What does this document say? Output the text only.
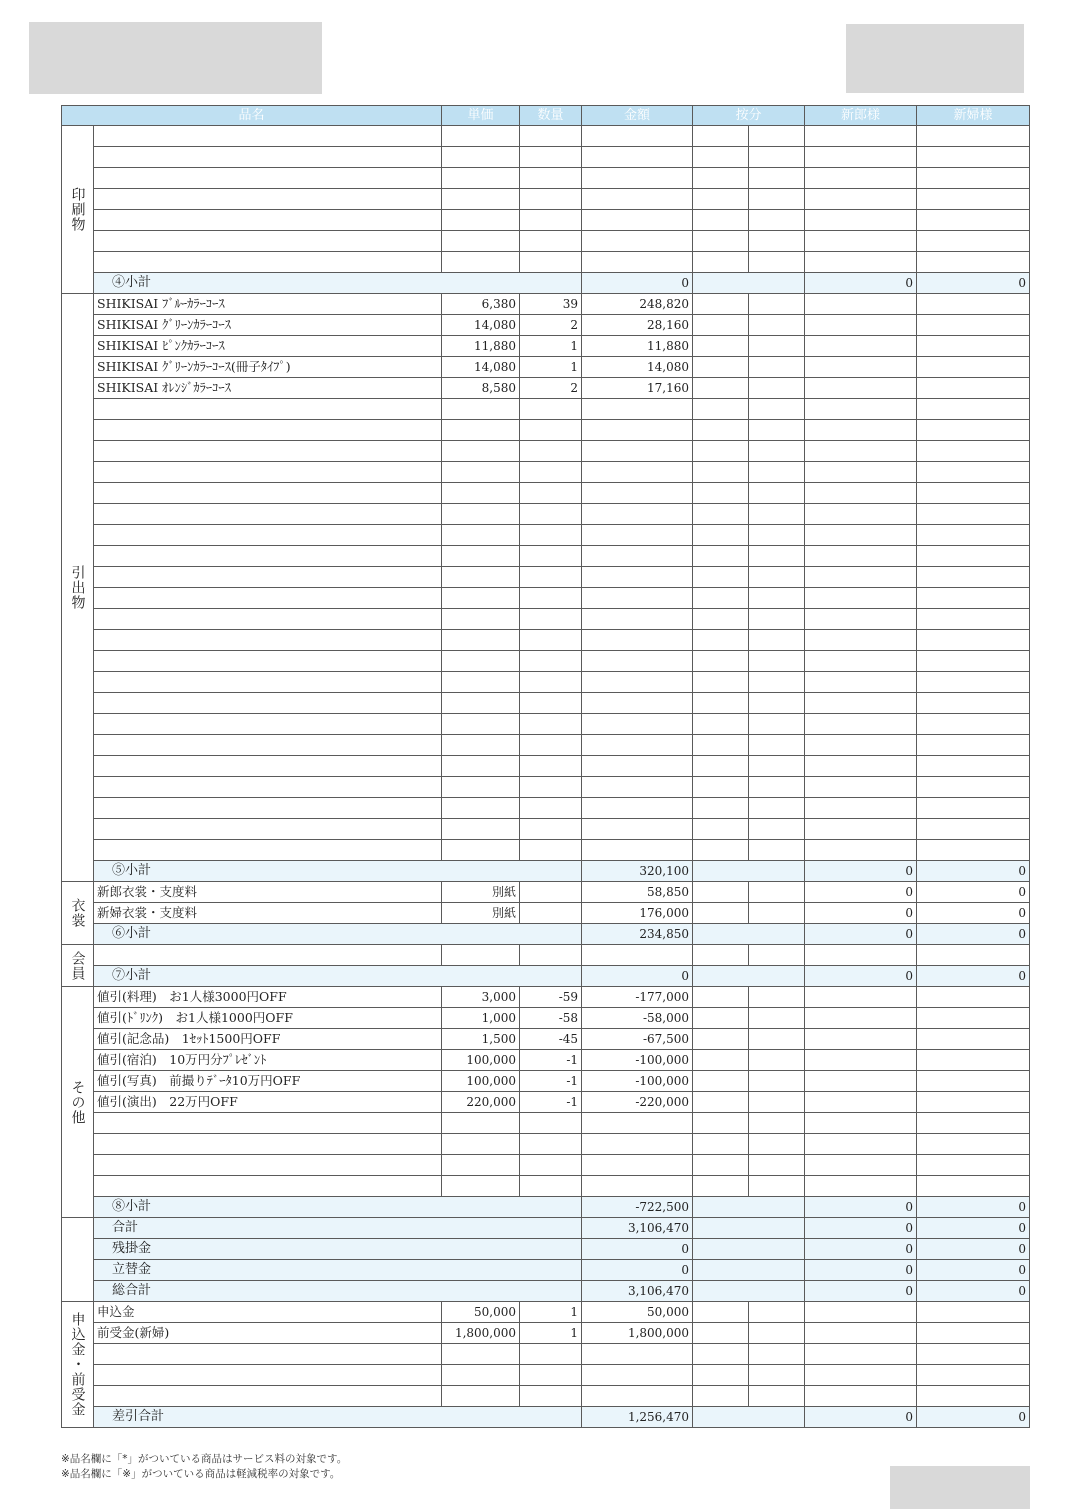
品名		単価	数量	金額	按分		新郎様	新婦様
印刷物								

	④小計			0			0	0
引出物	SHIKISAI ﾌﾞﾙｰｶﾗｰｺｰｽ	6,380	39	248,820				
	SHIKISAI ｸﾞﾘｰﾝｶﾗｰｺｰｽ	14,080	2	28,160				
	SHIKISAI ﾋﾟﾝｸｶﾗｰｺｰｽ	11,880	1	11,880				
	SHIKISAI ｸﾞﾘｰﾝｶﾗｰｺｰｽ(冊子ﾀｲﾌﾟ)	14,080	1	14,080				
	SHIKISAI ｵﾚﾝｼﾞｶﾗｰｺｰｽ	8,580	2	17,160				

	⑤小計			320,100			0	0
衣裳	新郎衣裳・支度料	別紙		58,850			0	0
	新婦衣裳・支度料	別紙		176,000			0	0
	⑥小計			234,850			0	0
会員								
	⑦小計			0			0	0
その他	値引(料理)　お1人様3000円OFF	3,000	-59	-177,000				
	値引(ﾄﾞﾘﾝｸ)　お1人様1000円OFF	1,000	-58	-58,000				
	値引(記念品)　1ｾｯﾄ1500円OFF	1,500	-45	-67,500				
	値引(宿泊)　10万円分ﾌﾟﾚｾﾞﾝﾄ	100,000	-1	-100,000				
	値引(写真)　前撮りﾃﾞｰﾀ10万円OFF	100,000	-1	-100,000				
	値引(演出)　22万円OFF	220,000	-1	-220,000				

	⑧小計			-722,500			0	0
	合計			3,106,470			0	0
	残掛金			0			0	0
	立替金			0			0	0
	総合計			3,106,470			0	0
申込金・前受金	申込金	50,000	1	50,000				
	前受金(新婦)	1,800,000	1	1,800,000				

	差引合計			1,256,470			0	0
※品名欄に「*」がついている商品はサービス料の対象です。
※品名欄に「※」がついている商品は軽減税率の対象です。
